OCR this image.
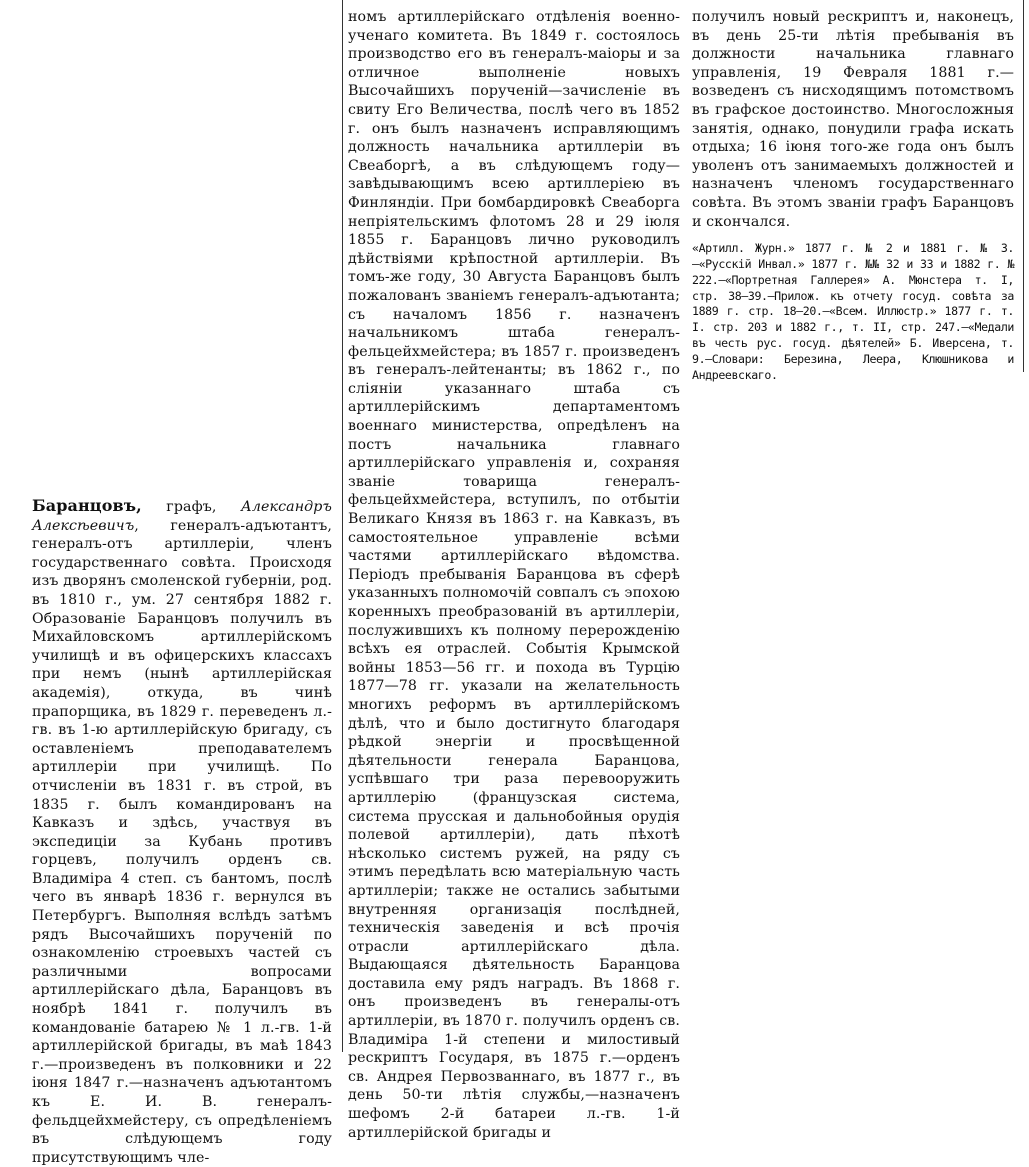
Баранцовъ, графъ, Александръ Алексѣевичъ, генералъ-адъютантъ, генералъ-отъ артиллеріи, членъ государственнаго совѣта. Происходя изъ дворянъ смоленской губерніи, род. въ 1810 г., ум. 27 сентября 1882 г. Образованіе Баранцовъ получилъ въ Михайловскомъ артиллерійскомъ училищѣ и въ офицерскихъ классахъ при немъ (нынѣ артиллерійская академія), откуда, въ чинѣ прапорщика, въ 1829 г. переведенъ л.-гв. въ 1-ю артиллерійскую бригаду, съ оставленіемъ преподавателемъ артиллеріи при училищѣ. По отчисленіи въ 1831 г. въ строй, въ 1835 г. былъ командированъ на Кавказъ и здѣсь, участвуя въ экспедиціи за Кубань противъ горцевъ, получилъ орденъ св. Владиміра 4 степ. съ бантомъ, послѣ чего въ январѣ 1836 г. вернулся въ Петербургъ. Выполняя вслѣдъ затѣмъ рядъ Высочайшихъ порученій по ознакомленію строевыхъ частей съ различными вопросами артиллерійскаго дѣла, Баранцовъ въ ноябрѣ 1841 г. получилъ въ командованіе батарею № 1 л.-гв. 1-й артиллерійской бригады, въ маѣ 1843 г.—произведенъ въ полковники и 22 іюня 1847 г.—назначенъ адъютантомъ къ Е. И. В. генералъ-фельдцейхмейстеру, съ опредѣленіемъ въ слѣдующемъ году присутствующимъ чле-

номъ артиллерійскаго отдѣленія военно-ученаго комитета. Въ 1849 г. состоялось производство его въ генералъ-маіоры и за отличное выполненіе новыхъ Высочайшихъ порученій—зачисленіе въ свиту Его Величества, послѣ чего въ 1852 г. онъ былъ назначенъ исправляющимъ должность начальника артиллеріи въ Свеаборгѣ, а въ слѣдующемъ году—завѣдывающимъ всею артиллеріею въ Финляндіи. При бомбардировкѣ Свеаборга непріятельскимъ флотомъ 28 и 29 іюля 1855 г. Баранцовъ лично руководилъ дѣйствіями крѣпостной артиллеріи. Въ томъ-же году, 30 Августа Баранцовъ былъ пожалованъ званіемъ генералъ-адъютанта; съ началомъ 1856 г. назначенъ начальникомъ штаба генералъ-фельцейхмейстера; въ 1857 г. произведенъ въ генералъ-лейтенанты; въ 1862 г., по слiянiи указаннаго штаба съ артиллерійскимъ департаментомъ военнаго министерства, опредѣленъ на постъ начальника главнаго артиллерійскаго управленія и, сохраняя званіе товарища генералъ-фельцейхмейстера, вступилъ, по отбытіи Великаго Князя въ 1863 г. на Кавказъ, въ самостоятельное управленіе всѣми частями артиллерійскаго вѣдомства. Періодъ пребыванія Баранцова въ сферѣ указанныхъ полномочій совпалъ съ эпохою коренныхъ преобразованій въ артиллеріи, послужившихъ къ полному перерожденію всѣхъ ея отраслей. Событія Крымской войны 1853—56 гг. и похода въ Турцію 1877—78 гг. указали на желательность многихъ реформъ въ артиллерійскомъ дѣлѣ, что и было достигнуто благодаря рѣдкой энергіи и просвѣщенной дѣятельности генерала Баранцова, успѣвшаго три раза перевооружить артиллерію (французская система, система прусская и дальнобойныя орудія полевой артиллеріи), дать пѣхотѣ нѣсколько системъ ружей, на ряду съ этимъ передѣлать всю матеріальную часть артиллеріи; также не остались забытыми внутренняя организація послѣдней, техническія заведенія и всѣ прочія отрасли артиллерійскаго дѣла. Выдающаяся дѣятельность Баранцова доставила ему рядъ наградъ. Въ 1868 г. онъ произведенъ въ генералы-отъ артиллеріи, въ 1870 г. получилъ орденъ св. Владиміра 1-й степени и милостивый рескриптъ Государя, въ 1875 г.—орденъ св. Андрея Первозваннаго, въ 1877 г., въ день 50-ти лѣтія службы,—назначенъ шефомъ 2-й батареи л.-гв. 1-й артиллерійской бригады и

получилъ новый рескриптъ и, наконецъ, въ день 25-ти лѣтія пребыванія въ должности начальника главнаго управленія, 19 Февраля 1881 г.—возведенъ съ нисходящимъ потомствомъ въ графское достоинство. Многосложныя занятія, однако, понудили графа искать отдыха; 16 іюня того-же года онъ былъ уволенъ отъ занимаемыхъ должностей и назначенъ членомъ государственнаго совѣта. Въ этомъ званіи графъ Баранцовъ и скончался.

«Артилл. Журн.» 1877 г. № 2 и 1881 г. № 3.—«Русскій Инвал.» 1877 г. №№ 32 и 33 и 1882 г. № 222.—«Портретная Галлерея» А. Мюнстера т. I, стр. 38—39.—Прилож. къ отчету госуд. совѣта за 1889 г. стр. 18—20.—«Всем. Иллюстр.» 1877 г. т. I. стр. 203 и 1882 г., т. II, стр. 247.—«Медали въ честь рус. госуд. дѣятелей» Б. Иверсена, т. 9.—Словари: Березина, Леера, Клюшникова и Андреевскаго.
